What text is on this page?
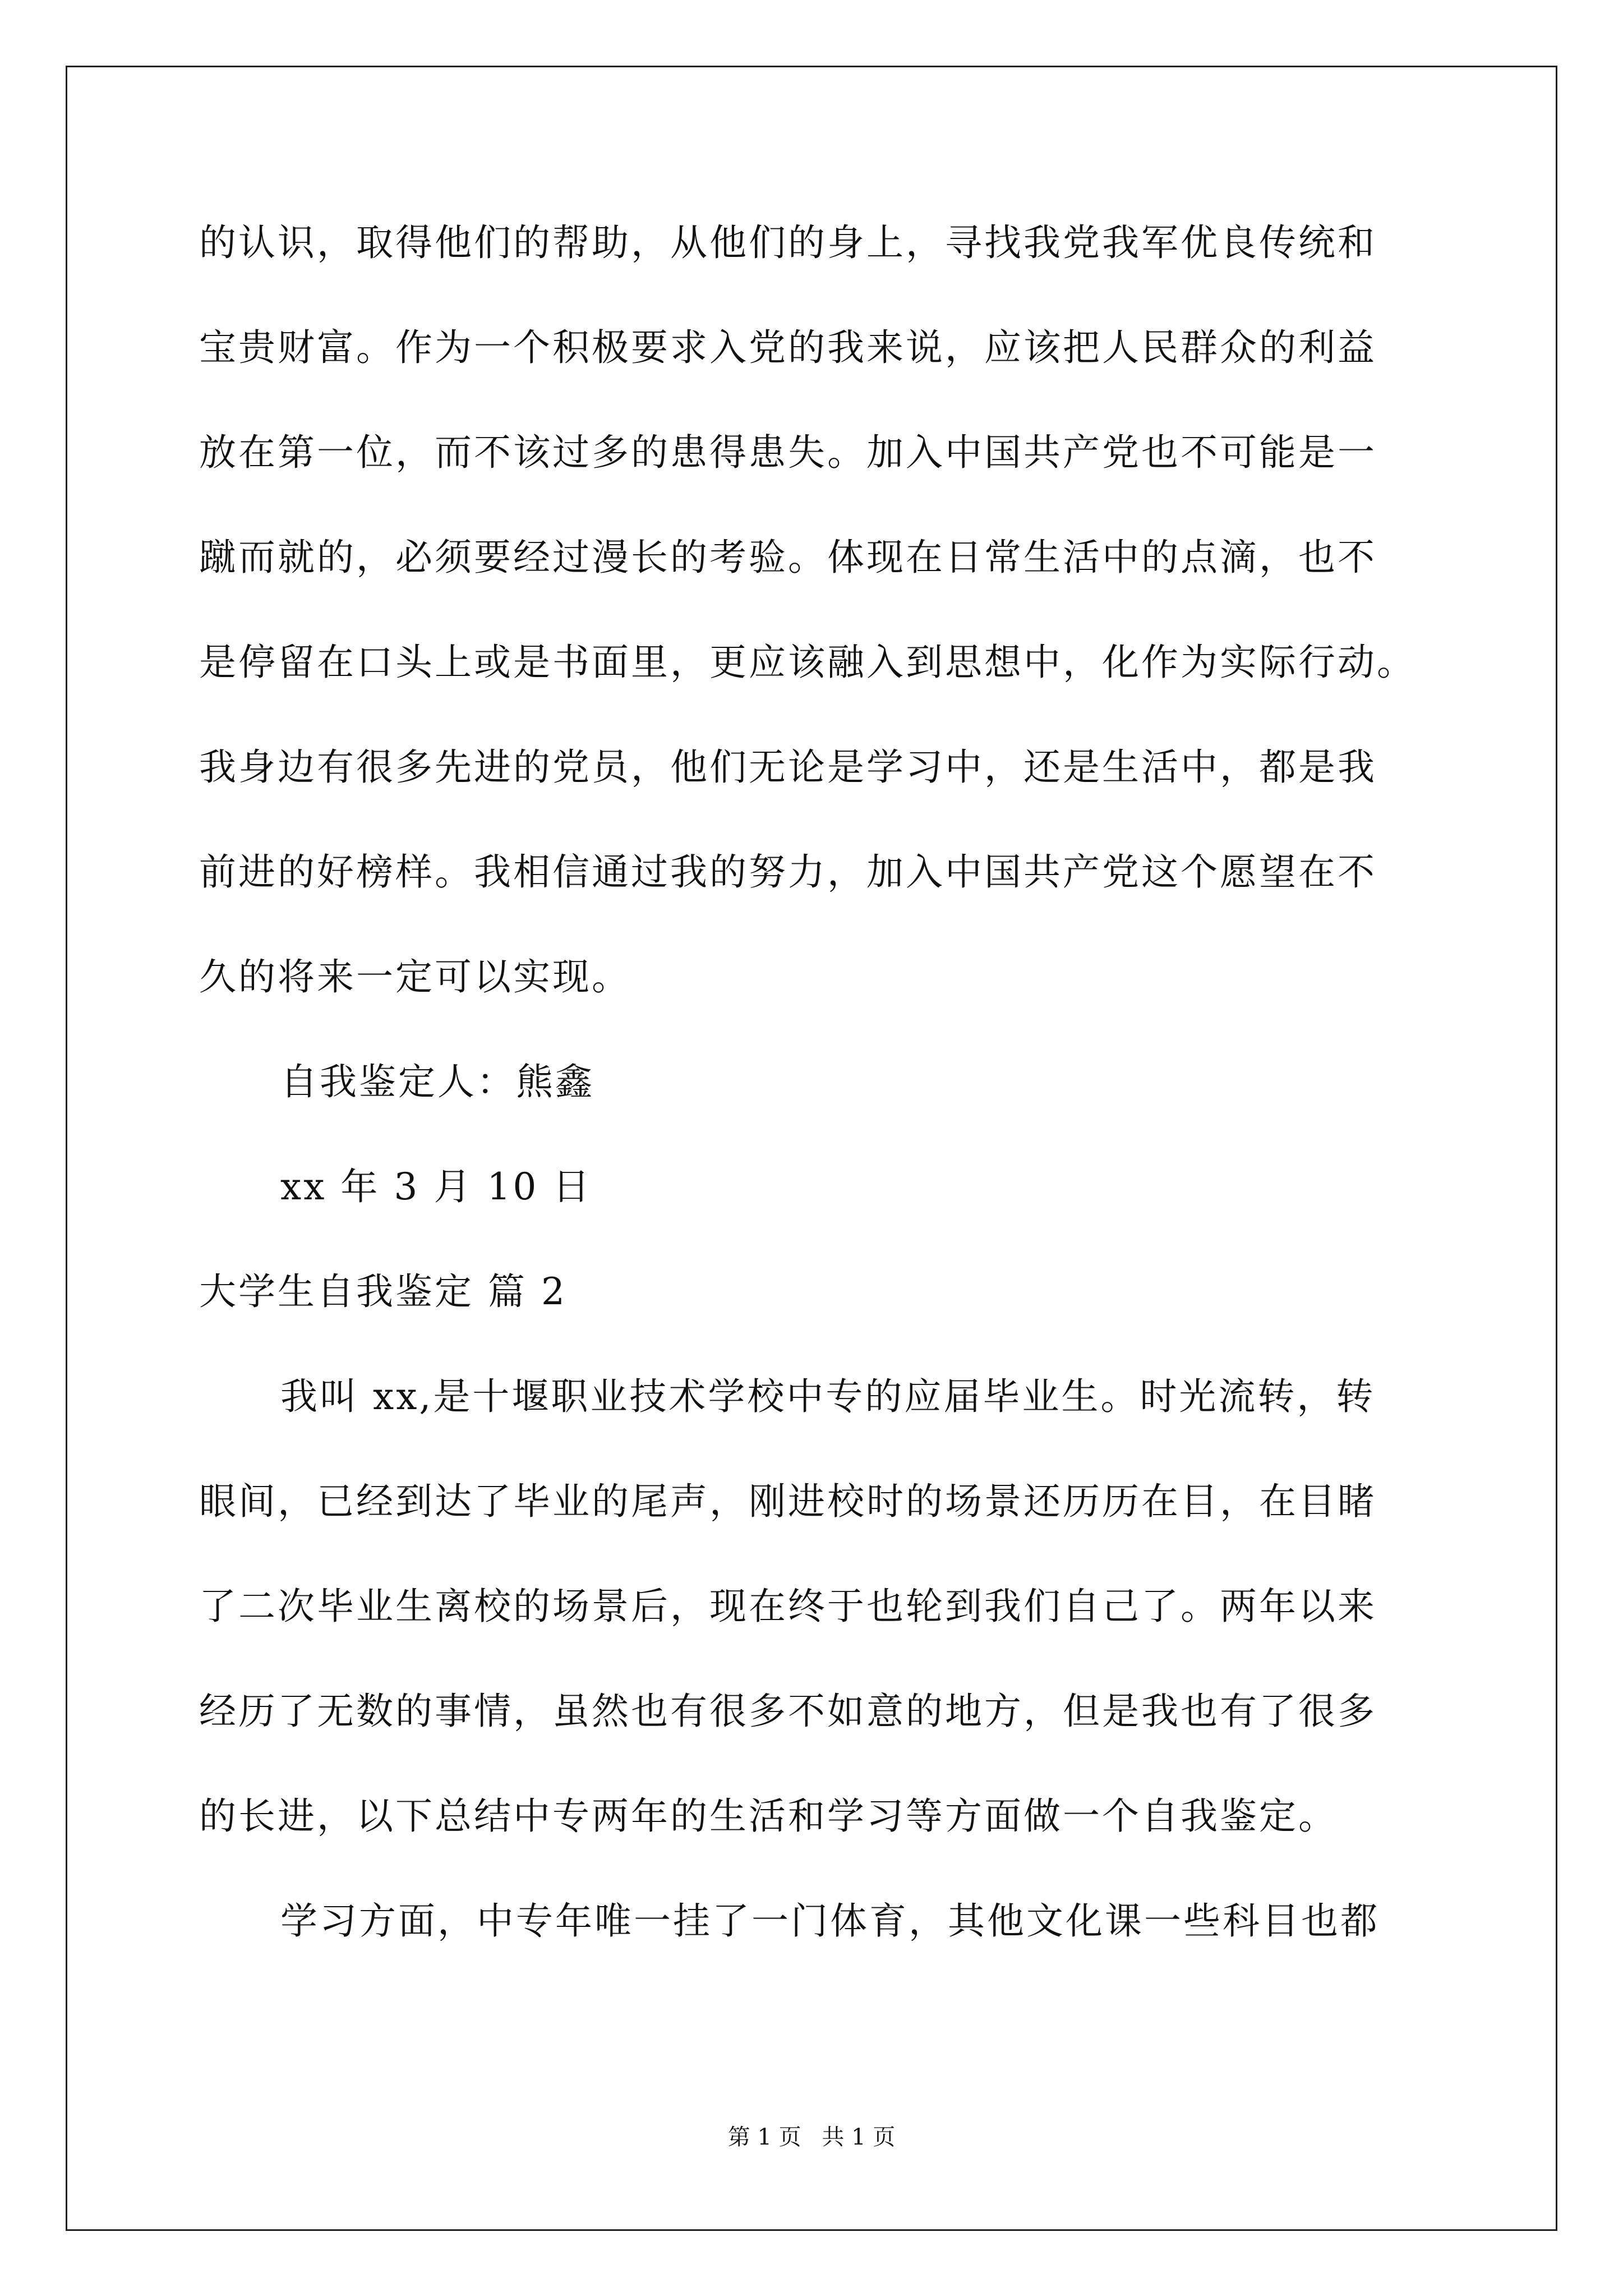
的认识，取得他们的帮助，从他们的身上，寻找我党我军优良传统和
宝贵财富。作为一个积极要求入党的我来说，应该把人民群众的利益
放在第一位，而不该过多的患得患失。加入中国共产党也不可能是一
蹴而就的，必须要经过漫长的考验。体现在日常生活中的点滴，也不
是停留在口头上或是书面里，更应该融入到思想中，化作为实际行动。
我身边有很多先进的党员，他们无论是学习中，还是生活中，都是我
前进的好榜样。我相信通过我的努力，加入中国共产党这个愿望在不
久的将来一定可以实现。
自我鉴定人：熊鑫
xx 年 3 月 10 日
大学生自我鉴定 篇 2
我叫 xx,是十堰职业技术学校中专的应届毕业生。时光流转，转
眼间，已经到达了毕业的尾声，刚进校时的场景还历历在目，在目睹
了二次毕业生离校的场景后，现在终于也轮到我们自己了。两年以来
经历了无数的事情，虽然也有很多不如意的地方，但是我也有了很多
的长进，以下总结中专两年的生活和学习等方面做一个自我鉴定。
学习方面，中专年唯一挂了一门体育，其他文化课一些科目也都
第 1 页 共 1 页
